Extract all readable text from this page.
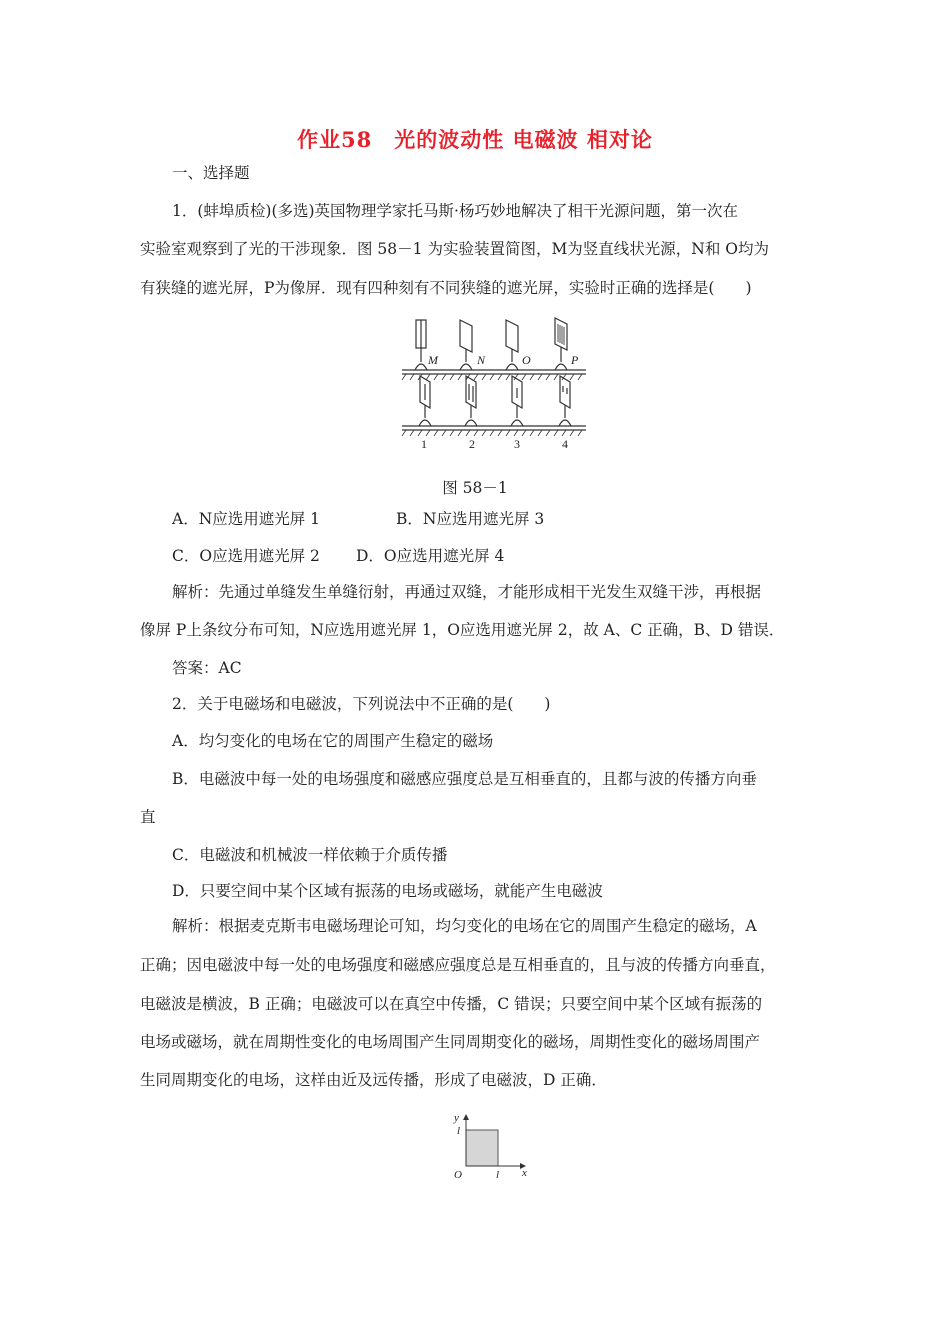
作业58　光的波动性 电磁波 相对论
一、选择题
1．(蚌埠质检)(多选)英国物理学家托马斯·杨巧妙地解决了相干光源问题，第一次在
实验室观察到了光的干涉现象．图 58－1 为实验装置简图，M为竖直线状光源，N和 O均为
有狭缝的遮光屏，P为像屏．现有四种刻有不同狭缝的遮光屏，实验时正确的选择是(　　)
M	N	O	P
1	2	3	4
图 58－1
A．N应选用遮光屏 1	B．N应选用遮光屏 3
C．O应选用遮光屏 2 D．O应选用遮光屏 4
解析：先通过单缝发生单缝衍射，再通过双缝，才能形成相干光发生双缝干涉，再根据
像屏 P上条纹分布可知，N应选用遮光屏 1，O应选用遮光屏 2，故 A、C 正确，B、D 错误．
答案：AC
2．关于电磁场和电磁波，下列说法中不正确的是(　　)
A．均匀变化的电场在它的周围产生稳定的磁场
B．电磁波中每一处的电场强度和磁感应强度总是互相垂直的，且都与波的传播方向垂
直
C．电磁波和机械波一样依赖于介质传播
D．只要空间中某个区域有振荡的电场或磁场，就能产生电磁波
解析：根据麦克斯韦电磁场理论可知，均匀变化的电场在它的周围产生稳定的磁场，A
正确；因电磁波中每一处的电场强度和磁感应强度总是互相垂直的，且与波的传播方向垂直，
电磁波是横波，B 正确；电磁波可以在真空中传播，C 错误；只要空间中某个区域有振荡的
电场或磁场，就在周期性变化的电场周围产生同周期变化的磁场，周期性变化的磁场周围产
生同周期变化的电场，这样由近及远传播，形成了电磁波，D 正确．
y
l
O	l x
